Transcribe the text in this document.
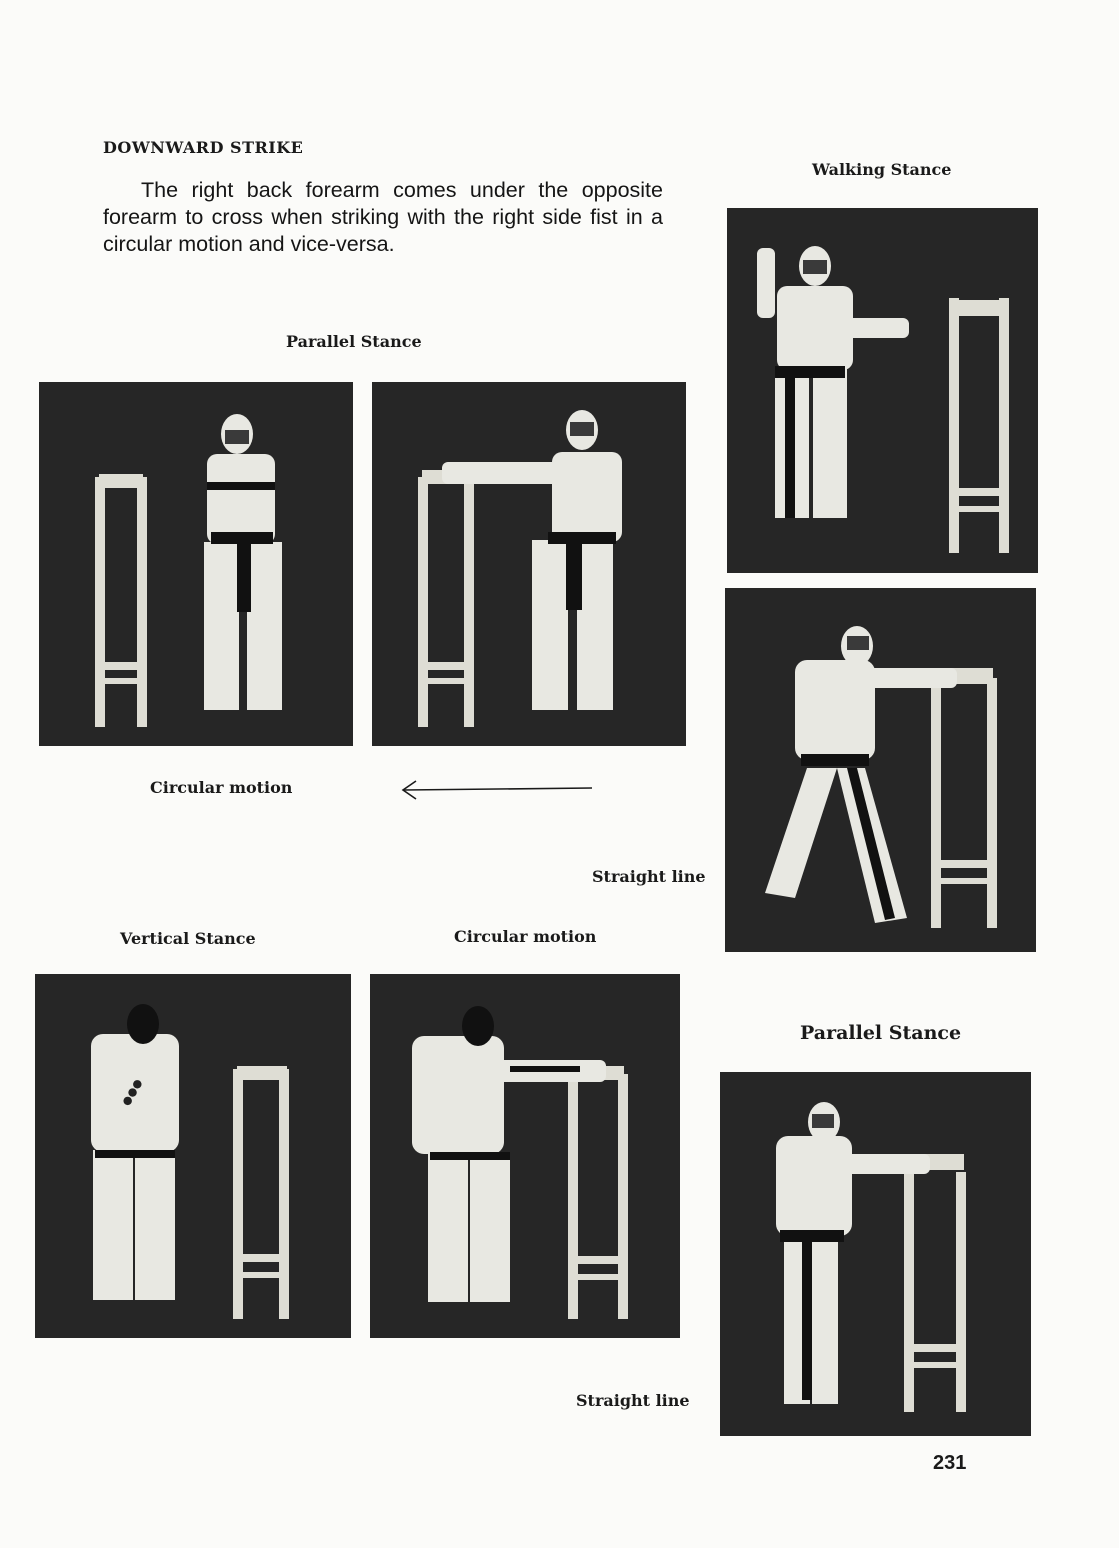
DOWNWARD STRIKE
The right back forearm comes under the opposite forearm to cross when striking with the right side fist in a circular motion and vice-versa.
Walking Stance
Parallel Stance
Circular motion
Straight line
Vertical Stance	Circular motion
Parallel Stance
Straight line
●●●
231
